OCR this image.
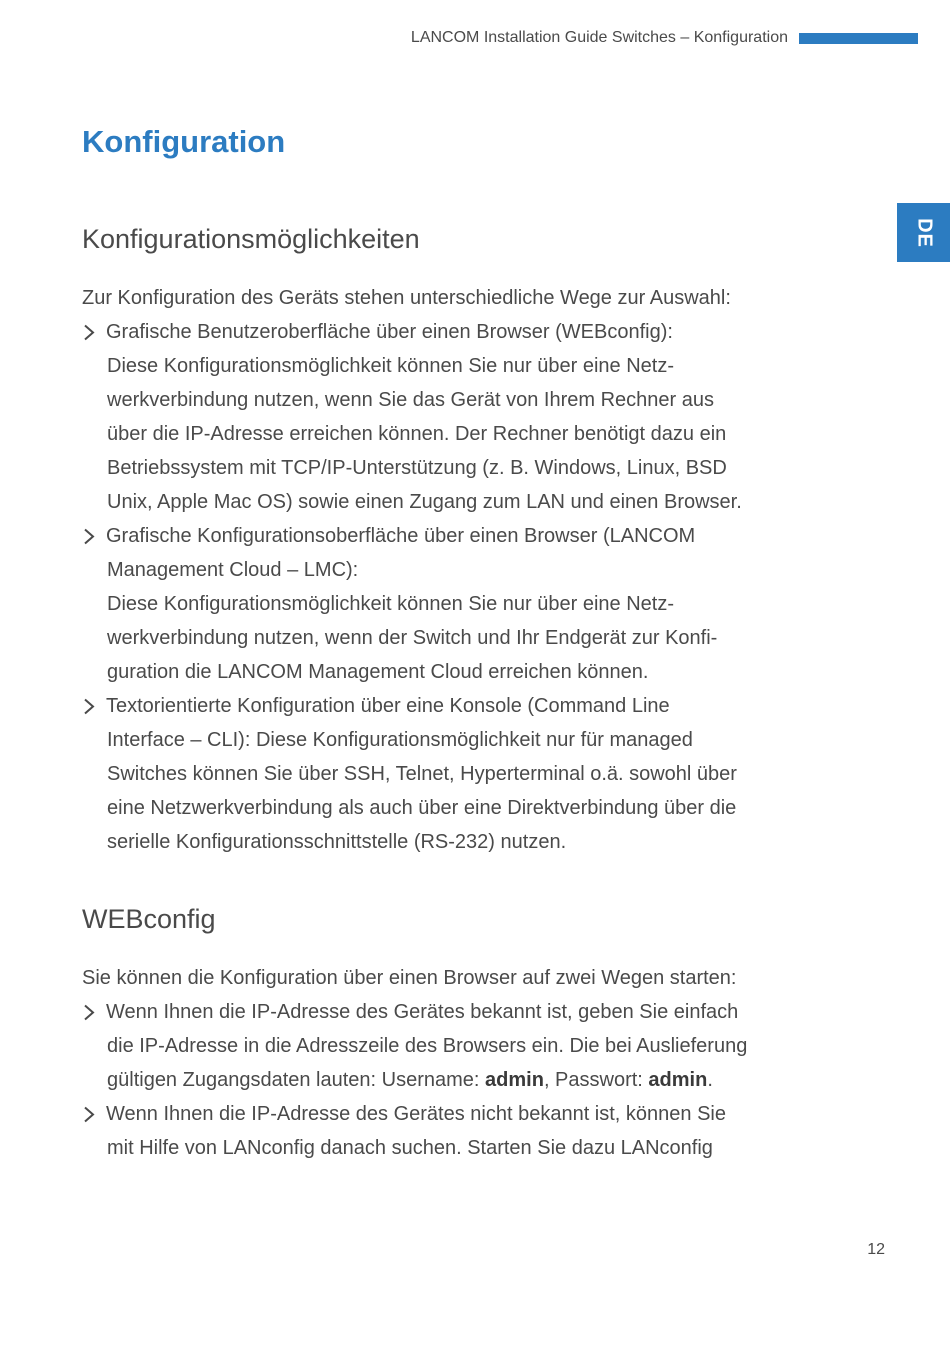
LANCOM Installation Guide Switches – Konfiguration
DE
Konfiguration
Konfigurationsmöglichkeiten

Zur Konfiguration des Geräts stehen unterschiedliche Wege zur Auswahl:

Grafische Benutzeroberfläche über einen Browser (WEBconfig):

Diese Konfigurationsmöglichkeit können Sie nur über eine Netz-

werkverbindung nutzen, wenn Sie das Gerät von Ihrem Rechner aus

über die IP-Adresse erreichen können. Der Rechner benötigt dazu ein

Betriebssystem mit TCP/IP-Unterstützung (z. B. Windows, Linux, BSD

Unix, Apple Mac OS) sowie einen Zugang zum LAN und einen Browser.

Grafische Konfigurationsoberfläche über einen Browser (LANCOM

Management Cloud – LMC):

Diese Konfigurationsmöglichkeit können Sie nur über eine Netz-

werkverbindung nutzen, wenn der Switch und Ihr Endgerät zur Konfi-

guration die LANCOM Management Cloud erreichen können.

Textorientierte Konfiguration über eine Konsole (Command Line

Interface – CLI): Diese Konfigurationsmöglichkeit nur für managed

Switches können Sie über SSH, Telnet, Hyperterminal o.ä. sowohl über

eine Netzwerkverbindung als auch über eine Direktverbindung über die

serielle Konfigurationsschnittstelle (RS-232) nutzen.

WEBconfig

Sie können die Konfiguration über einen Browser auf zwei Wegen starten:

Wenn Ihnen die IP-Adresse des Gerätes bekannt ist, geben Sie einfach

die IP-Adresse in die Adresszeile des Browsers ein. Die bei Auslieferung

gültigen Zugangsdaten lauten: Username: admin, Passwort: admin.

Wenn Ihnen die IP-Adresse des Gerätes nicht bekannt ist, können Sie

mit Hilfe von LANconfig danach suchen. Starten Sie dazu LANconfig

12
